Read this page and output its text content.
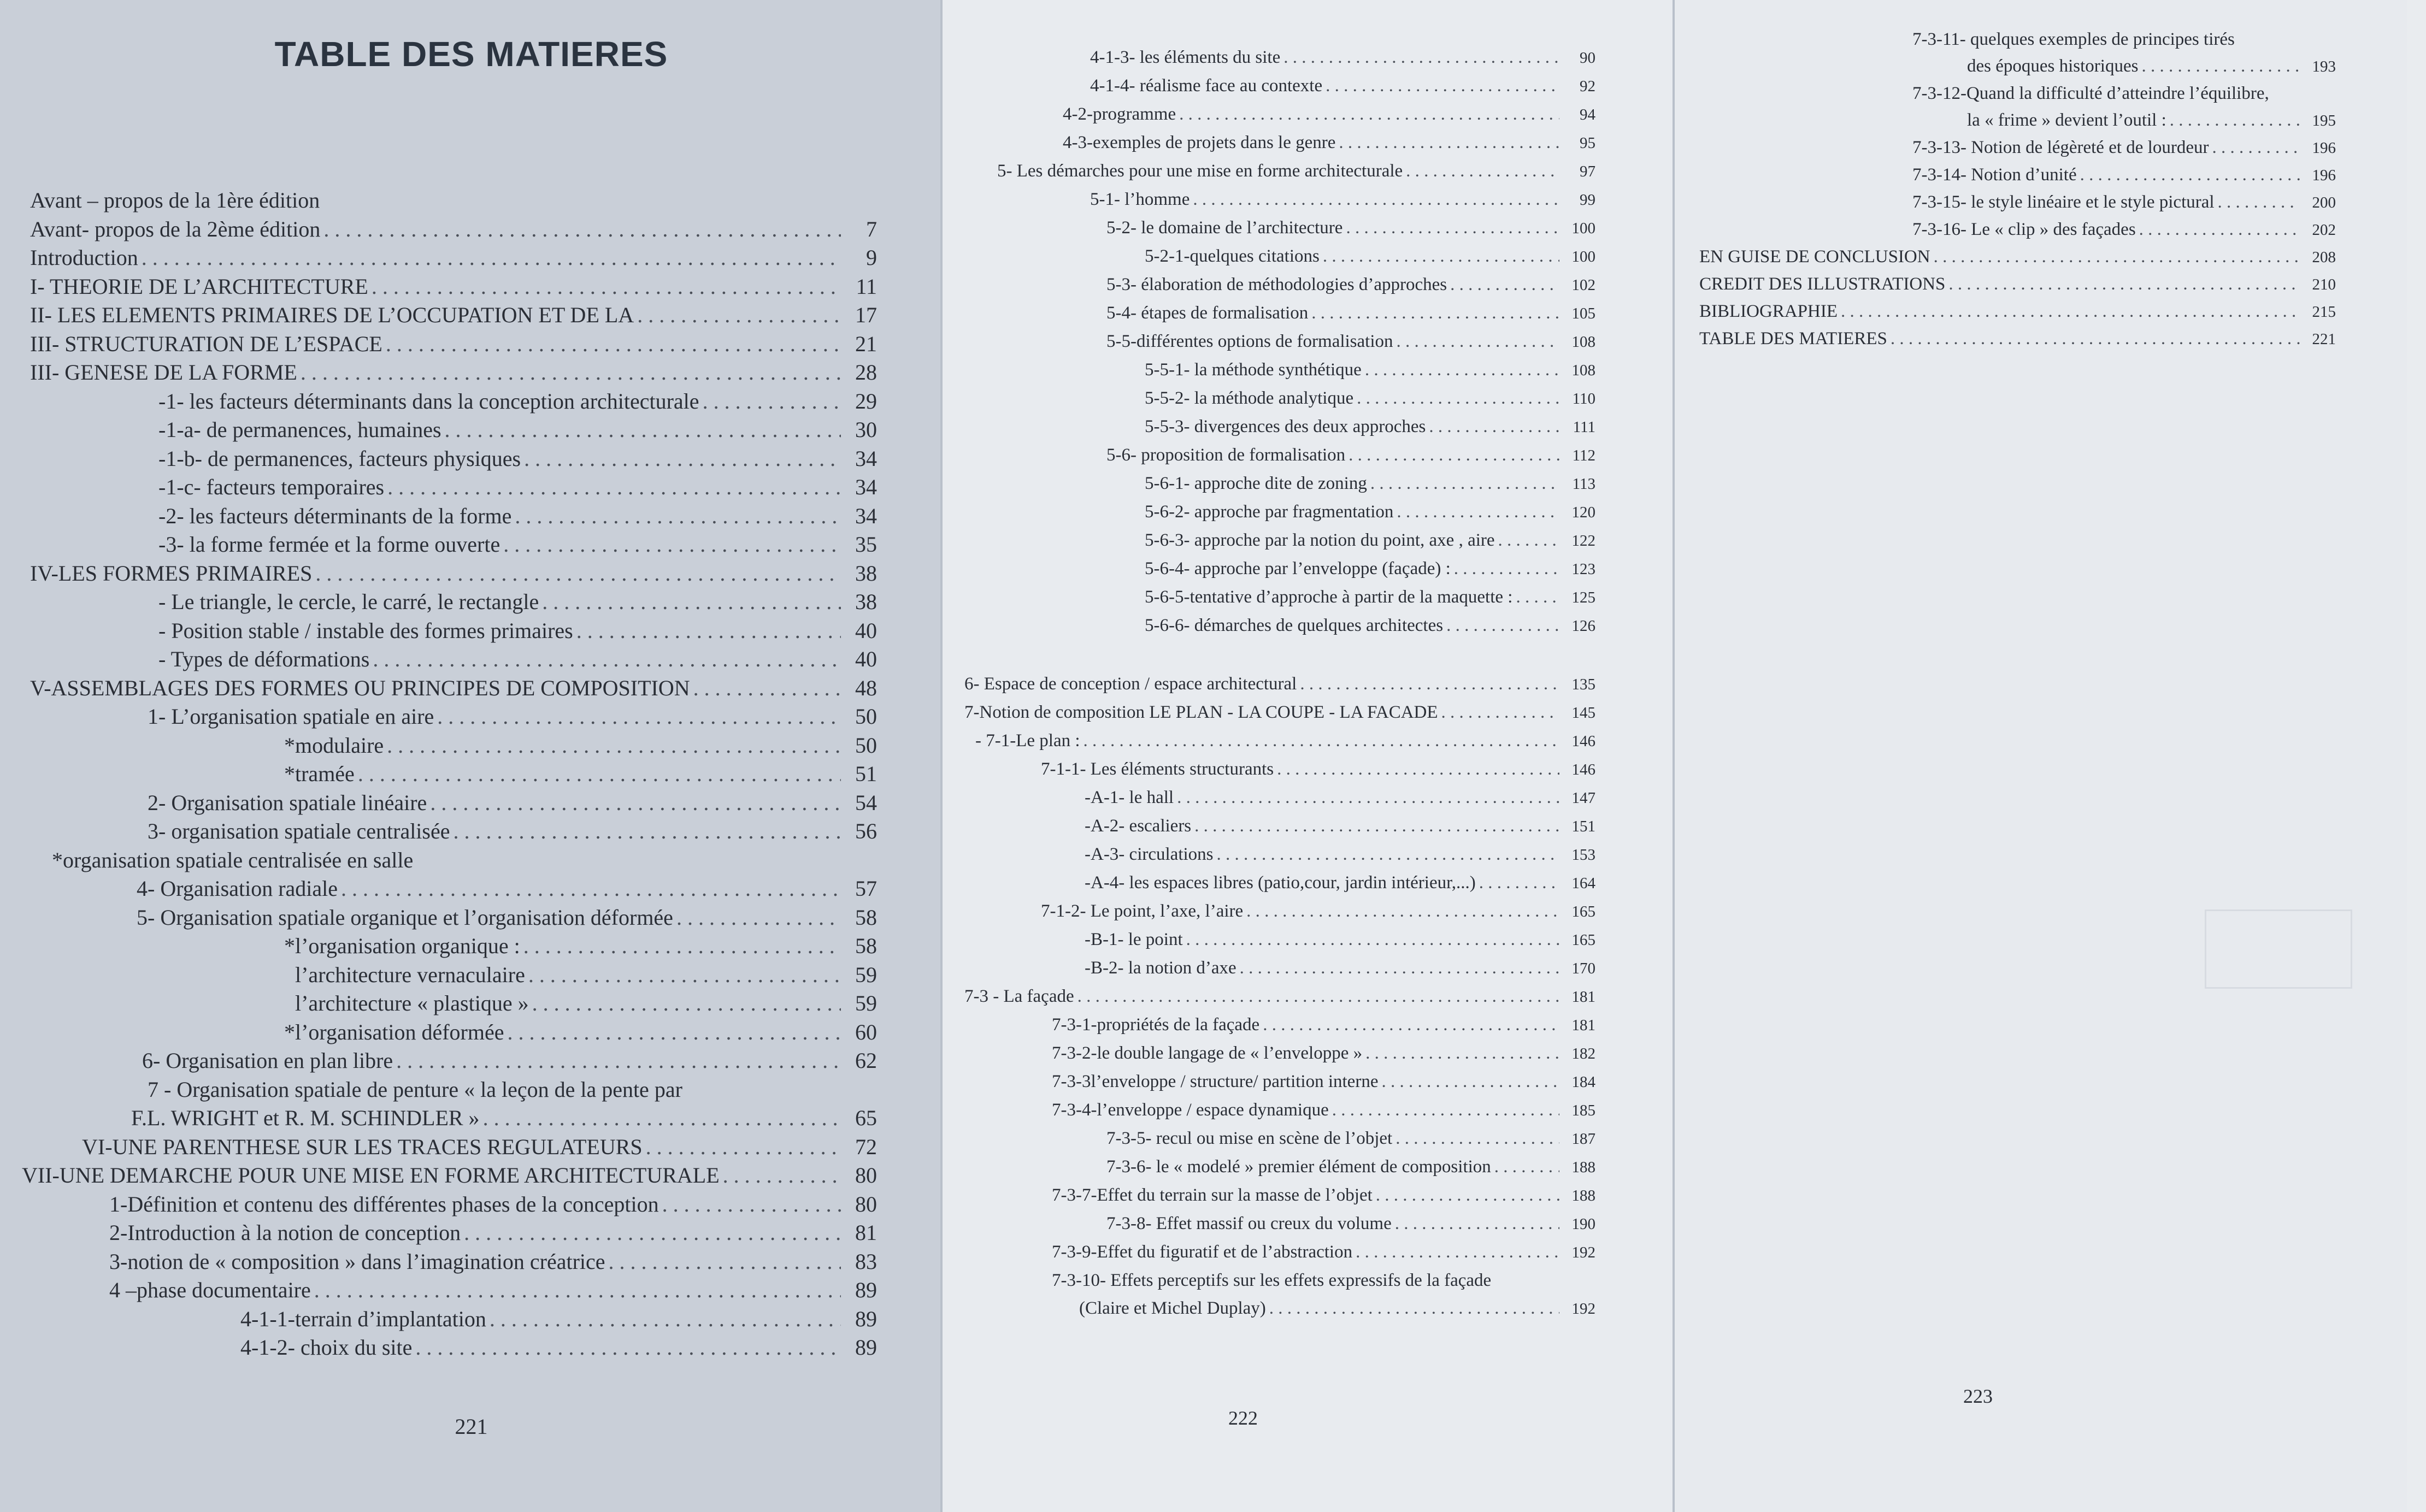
TABLE DES MATIERES
Avant – propos de la 1ère édition
Avant- propos de la 2ème édition . . .	7
Introduction . . .	9
I- THEORIE DE L’ARCHITECTURE . . .	11
II- LES ELEMENTS PRIMAIRES DE L’OCCUPATION ET DE LA . . .	17
III- STRUCTURATION DE L’ESPACE . . .	21
III- GENESE DE LA FORME . . .	28
-1- les facteurs déterminants dans la conception architecturale . . .	29
-1-a- de permanences, humaines . . .	30
-1-b- de permanences, facteurs physiques . . .	34
-1-c- facteurs temporaires . . .	34
-2- les facteurs déterminants de la forme . . .	34
-3- la forme fermée et la forme ouverte . . .	35
IV-LES FORMES PRIMAIRES . . .	38
- Le triangle, le cercle, le carré, le rectangle . . .	38
- Position stable / instable des formes primaires . . .	40
- Types de déformations . . .	40
V-ASSEMBLAGES DES FORMES OU PRINCIPES DE COMPOSITION . . .	48
1- L’organisation spatiale en aire . . .	50
*modulaire . . .	50
*tramée . . .	51
2- Organisation spatiale linéaire . . .	54
3- organisation spatiale centralisée . . .	56
*organisation spatiale centralisée en salle
4- Organisation radiale . . .	57
5- Organisation spatiale organique et l’organisation déformée . . .	58
*l’organisation organique : . . .	58
l’architecture vernaculaire . . .	59
l’architecture « plastique » . . .	59
*l’organisation déformée . . .	60
6- Organisation en plan libre . . .	62
7 - Organisation spatiale de penture « la leçon de la pente par
F.L. WRIGHT et R. M. SCHINDLER » . . .	65
VI-UNE PARENTHESE SUR LES TRACES REGULATEURS . . .	72
VII-UNE DEMARCHE POUR UNE MISE EN FORME ARCHITECTURALE . . .	80
1-Définition et contenu des différentes phases de la conception . . .	80
2-Introduction à la notion de conception . . .	81
3-notion de « composition » dans l’imagination créatrice . . .	83
4 –phase documentaire . . .	89
4-1-1-terrain d’implantation . . .	89
4-1-2- choix du site . . .	89
221
4-1-3- les éléments du site . . .	90
4-1-4- réalisme face au contexte . . .	92
4-2-programme . . .	94
4-3-exemples de projets dans le genre . . .	95
5- Les démarches pour une mise en forme architecturale . . .	97
5-1- l’homme . . .	99
5-2- le domaine de l’architecture . . .	100
5-2-1-quelques citations . . .	100
5-3- élaboration de méthodologies d’approches . . .	102
5-4- étapes de formalisation . . .	105
5-5-différentes options de formalisation . . .	108
5-5-1- la méthode synthétique . . .	108
5-5-2- la méthode analytique . . .	110
5-5-3- divergences des deux approches . . .	111
5-6- proposition de formalisation . . .	112
5-6-1- approche dite de zoning . . .	113
5-6-2- approche par fragmentation . . .	120
5-6-3- approche par la notion du point, axe , aire . . .	122
5-6-4- approche par l’enveloppe (façade) : . . .	123
5-6-5-tentative d’approche à partir de la maquette : . . .	125
5-6-6- démarches de quelques architectes . . .	126
6- Espace de conception / espace architectural . . .	135
7-Notion de composition LE PLAN - LA COUPE - LA FACADE . . .	145
- 7-1-Le plan : . . .	146
7-1-1- Les éléments structurants . . .	146
-A-1- le hall . . .	147
-A-2- escaliers . . .	151
-A-3- circulations . . .	153
-A-4- les espaces libres (patio,cour, jardin intérieur,...) . . .	164
7-1-2- Le point, l’axe, l’aire . . .	165
-B-1- le point . . .	165
-B-2- la notion d’axe . . .	170
7-3 - La façade . . .	181
7-3-1-propriétés de la façade . . .	181
7-3-2-le double langage de « l’enveloppe » . . .	182
7-3-3l’enveloppe / structure/ partition interne . . .	184
7-3-4-l’enveloppe / espace dynamique . . .	185
7-3-5- recul ou mise en scène de l’objet . . .	187
7-3-6- le « modelé » premier élément de composition . . .	188
7-3-7-Effet du terrain sur la masse de l’objet . . .	188
7-3-8- Effet massif ou creux du volume . . .	190
7-3-9-Effet du figuratif et de l’abstraction . . .	192
7-3-10- Effets perceptifs sur les effets expressifs de la façade
(Claire et Michel Duplay) . . .	192
222
7-3-11- quelques exemples de principes tirés
des époques historiques . . .	193
7-3-12-Quand la difficulté d’atteindre l’équilibre,
la « frime » devient l’outil : . . .	195
7-3-13- Notion de légèreté et de lourdeur . . .	196
7-3-14- Notion d’unité . . .	196
7-3-15- le style linéaire et le style pictural . . .	200
7-3-16- Le « clip » des façades . . .	202
EN GUISE DE CONCLUSION . . .	208
CREDIT DES ILLUSTRATIONS . . .	210
BIBLIOGRAPHIE . . .	215
TABLE DES MATIERES . . .	221
223
